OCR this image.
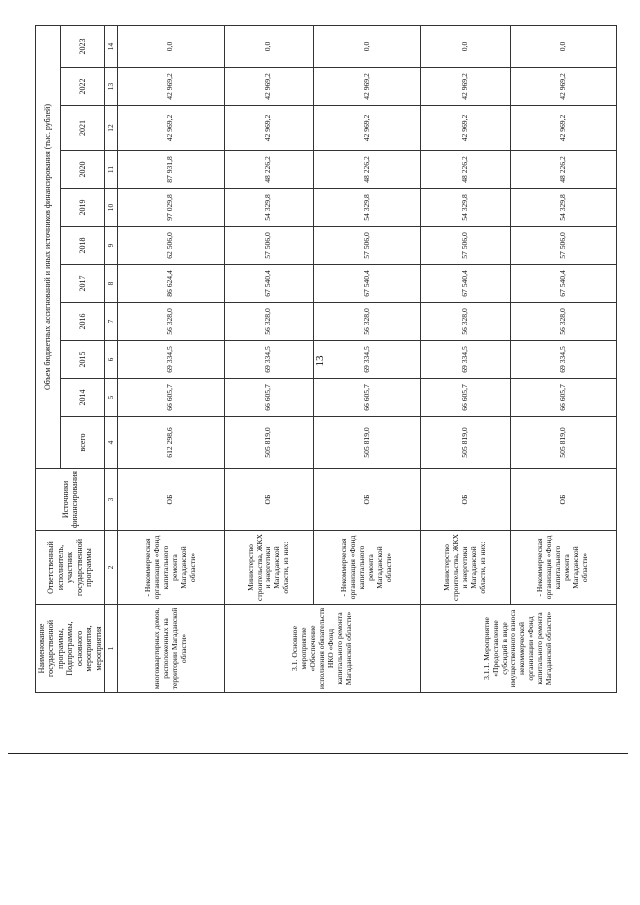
13
Наименование государственной программы, Подпрограммы, основного мероприятия, мероприятия	Ответственный исполнитель, участник государственной программы	Источники финансирования	Объем бюджетных ассигнований и иных источников финансирования (тыс. рублей)										
			всего	2014	2015	2016	2017	2018	2019	2020	2021	2022	2023
1	2	3	4	5	6	7	8	9	10	11	12	13	14
многоквартирных домов, расположенных на территории Магаданской области»	- Некоммерческая организация «Фонд капитального ремонта Магаданской области»	ОБ	612 298,6	66 605,7	69 334,5	56 328,0	86 624,4	62 506,0	97 029,8	87 931,8	42 969,2	42 969,2	0,0
3.1. Основное мероприятие «Обеспечение исполнения обязательств НКО «Фонд капитального ремонта Магаданской области»	Министерство строительства, ЖКХ и энергетики Магаданской области, из них:	ОБ	505 819,0	66 605,7	69 334,5	56 328,0	67 540,4	57 506,0	54 329,8	48 226,2	42 969,2	42 969,2	0,0
	- Некоммерческая организация «Фонд капитального ремонта Магаданской области»	ОБ	505 819,0	66 605,7	69 334,5	56 328,0	67 540,4	57 506,0	54 329,8	48 226,2	42 969,2	42 969,2	0,0
3.1.1. Мероприятие «Предоставление субсидий в виде имущественного взноса некоммерческой организации «Фонд капитального ремонта Магаданской области»	Министерство строительства, ЖКХ и энергетики Магаданской области, из них:	ОБ	505 819,0	66 605,7	69 334,5	56 328,0	67 540,4	57 506,0	54 329,8	48 226,2	42 969,2	42 969,2	0,0
	- Некоммерческая организация «Фонд капитального ремонта Магаданской области»	ОБ	505 819,0	66 605,7	69 334,5	56 328,0	67 540,4	57 506,0	54 329,8	48 226,2	42 969,2	42 969,2	0,0
